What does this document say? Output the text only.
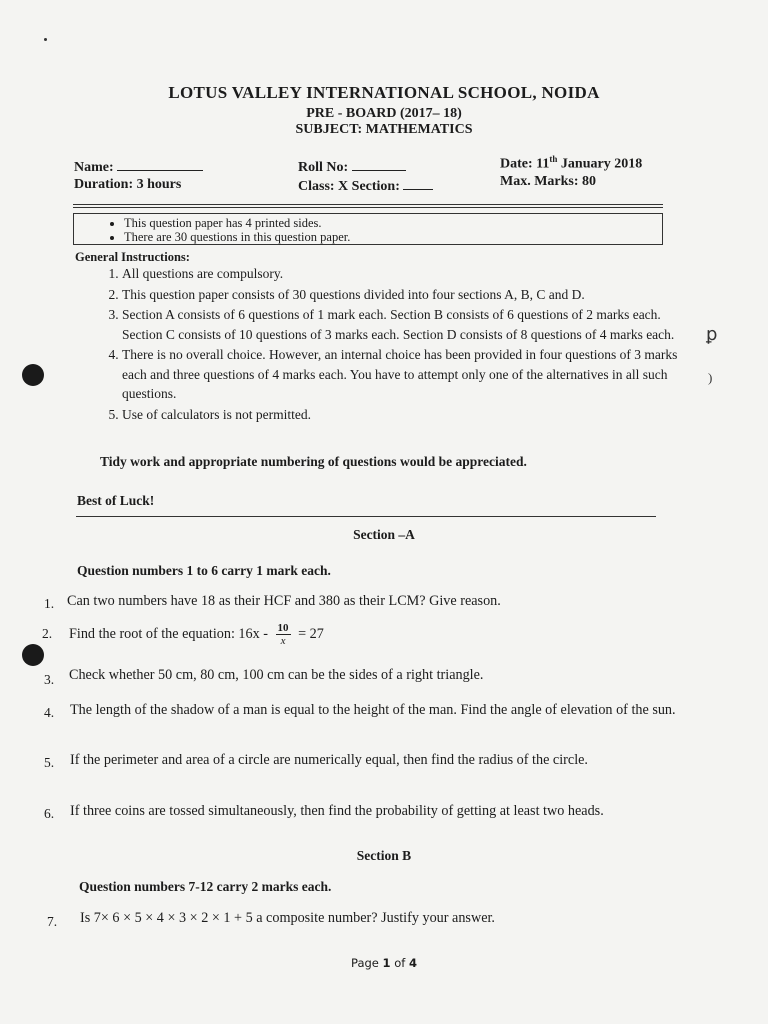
ꝑ
)
LOTUS VALLEY INTERNATIONAL SCHOOL, NOIDA
PRE - BOARD (2017– 18)
SUBJECT: MATHEMATICS
Name:
Duration: 3 hours
Roll No:
Class: X Section:
Date: 11th January 2018
Max. Marks: 80
• This question paper has 4 printed sides.
• There are 30 questions in this question paper.
General Instructions:
1. All questions are compulsory.
2. This question paper consists of 30 questions divided into four sections A, B, C and D.
3. Section A consists of 6 questions of 1 mark each. Section B consists of 6 questions of 2 marks each. Section C consists of 10 questions of 3 marks each. Section D consists of 8 questions of 4 marks each.
4. There is no overall choice. However, an internal choice has been provided in four questions of 3 marks each and three questions of 4 marks each. You have to attempt only one of the alternatives in all such questions.
5. Use of calculators is not permitted.
Tidy work and appropriate numbering of questions would be appreciated.
Best of Luck!
Section –A
Question numbers 1 to 6 carry 1 mark each.
1. Can two numbers have 18 as their HCF and 380 as their LCM? Give reason.
2. Find the root of the equation: $16x - \frac{10}{x} = 27$
3. Check whether 50 cm, 80 cm, 100 cm can be the sides of a right triangle.
4. The length of the shadow of a man is equal to the height of the man. Find the angle of elevation of the sun.
5. If the perimeter and area of a circle are numerically equal, then find the radius of the circle.
6. If three coins are tossed simultaneously, then find the probability of getting at least two heads.
Section B
Question numbers 7-12 carry 2 marks each.
7. Is 7× 6 × 5 × 4 × 3 × 2 × 1 + 5 a composite number? Justify your answer.
Page 1 of 4
